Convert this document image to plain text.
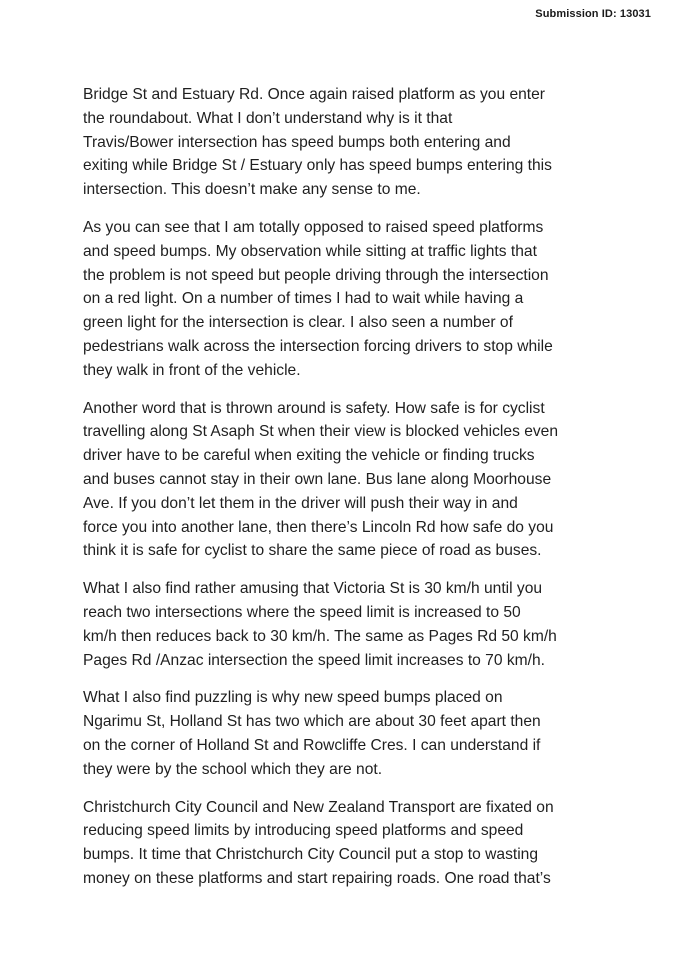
Submission ID: 13031

Bridge St and Estuary Rd. Once again raised platform as you enter
the roundabout. What I don’t understand why is it that
Travis/Bower intersection has speed bumps both entering and
exiting while Bridge St / Estuary only has speed bumps entering this
intersection. This doesn’t make any sense to me.

As you can see that I am totally opposed to raised speed platforms
and speed bumps. My observation while sitting at traffic lights that
the problem is not speed but people driving through the intersection
on a red light. On a number of times I had to wait while having a
green light for the intersection is clear. I also seen a number of
pedestrians walk across the intersection forcing drivers to stop while
they walk in front of the vehicle.

Another word that is thrown around is safety. How safe is for cyclist
travelling along St Asaph St when their view is blocked vehicles even
driver have to be careful when exiting the vehicle or finding trucks
and buses cannot stay in their own lane. Bus lane along Moorhouse
Ave. If you don’t let them in the driver will push their way in and
force you into another lane, then there’s Lincoln Rd how safe do you
think it is safe for cyclist to share the same piece of road as buses.

What I also find rather amusing that Victoria St is 30 km/h until you
reach two intersections where the speed limit is increased to 50
km/h then reduces back to 30 km/h. The same as Pages Rd 50 km/h
Pages Rd /Anzac intersection the speed limit increases to 70 km/h.

What I also find puzzling is why new speed bumps placed on
Ngarimu St, Holland St has two which are about 30 feet apart then
on the corner of Holland St and Rowcliffe Cres. I can understand if
they were by the school which they are not.

Christchurch City Council and New Zealand Transport are fixated on
reducing speed limits by introducing speed platforms and speed
bumps. It time that Christchurch City Council put a stop to wasting
money on these platforms and start repairing roads. One road that’s
